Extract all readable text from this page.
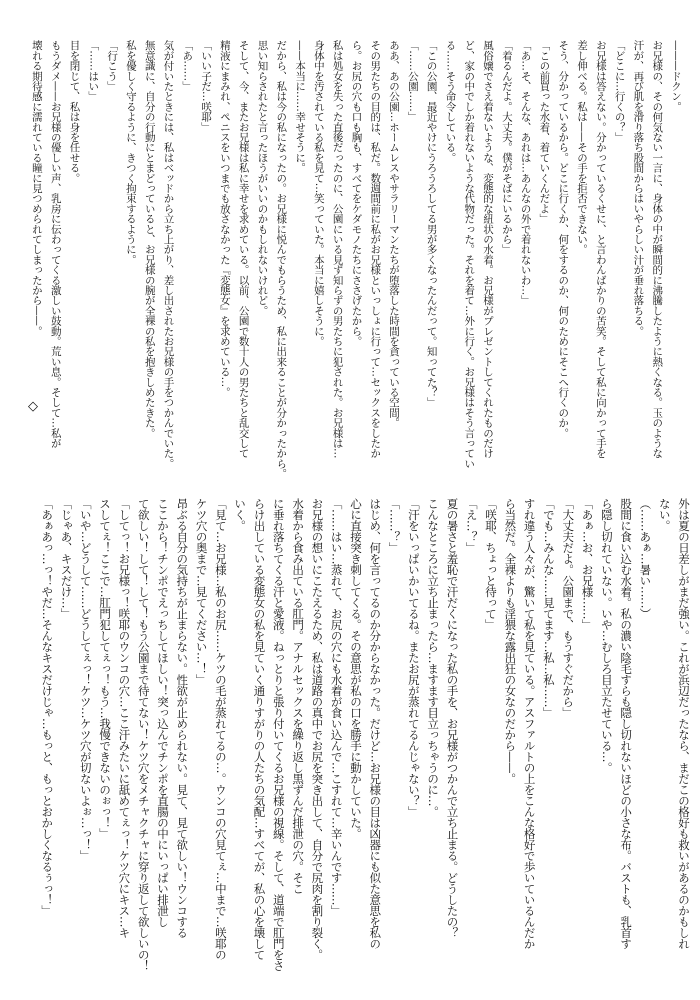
———ドクン。
お兄様の、その何気ない一言に、身体の中が瞬間的に沸騰したように熱くなる。玉のような
汗が、再び肌を滑り落ち股間からはいやらしい汁が垂れ落ちる。
「どこに…行くの？」
お兄様は答えない。分かっているくせに、と言わんばかりの苦笑。そして私に向かって手を
差し伸べる。私は——その手を拒否できない。
そう、分かっているから。どこに行くか、何をするのか、何のためにそこへ行くのか。
「この前買った水着、着ていくんだよ」
「あ…そ、そんな、あれは…あんなの外で着れないわ…」
「着るんだよ。大丈夫。僕がそばにいるから」
風俗嬢でさえ着ないような、変態的な紐状の水着。お兄様がプレゼントしてくれたものだけ
ど、家の中でしか着れないような代物だった。それを着て…外に行く。お兄様はそう言ってい
る……そう命令している。
「この公園、最近やけにうろうろしてる男が多くなったんだって。知ってた？」
「……公園……」
ああ、あの公園…ホームレスやサラリーマンたちが堕落した時間を貪っている空間。
その男たちの目的は、私だ。数週間前に私がお兄様といっしょに行って…セックスをしたか
ら。お尻の穴も口も胸も、すべてをケダモノたちにささげたから。
私は処女を失った直後だったのに、公園にいる見ず知らずの男たちに犯された。お兄様は…
身体中を汚されている私を見て…笑っていた。本当に嬉しそうに。
——本当に……幸せそうに。
だから、私は今の私になったの。お兄様に悦んでもらうため、私に出来ることが分かったから。
思い知らされたと言ったほうがいいのかもしれないけれど。
そして、今、またお兄様は私に幸せを求めている。以前、公園で数十人の男たちと乱交して
精液にまみれ、ペニスをいつまでも放さなかった『変態女』を求めている…。
「いい子だ…咲耶」
「あ……」
気が付いたときには、私はベッドから立ち上がり、差し出されたお兄様の手をつかんでいた。
無意識に、自分の行動にとまどっていると、お兄様の腕が全裸の私を抱きしめたきた。
私を優しく守るように、きつく拘束するように。
「行こう」
「……はい」
目を閉じて、私は身を任せる。
もうダメ——お兄様の優しい声、乳房に伝わってくる激しい鼓動。荒い息。そして…私が
壊れる期待感に濡れている瞳に見つめられてしまったから——。
◇
外は夏の日差しがまだ強い。これが浜辺だったなら、まだこの格好も救いがあるのかもしれ
ない。
（……あぁ…暑い……）
股間に食い込む水着。私の濃い陰毛すらも隠し切れないほどの小さな布。バストも、乳首す
ら隠し切れていない。いや…むしろ目立たせている…。
「あぁ…お、お兄様……」
「大丈夫だよ。公園まで、もうすぐだから」
「でも…みんな……見てます…私…私……」
すれ違う人々が、驚いて私を見ている。アスファルトの上をこんな格好で歩いているんだか
ら当然だ。全裸よりも淫猥な露出狂の女なのだから——。
「咲耶、ちょっと待って」
「え…？」
夏の暑さと羞恥で汗だくになった私の手を、お兄様がつかんで立ち止まる。どうしたの？
こんなところに立ち止まったら…ますます目立っちゃうのに…。
「汗をいっぱいかいてるね。またお尻が蒸れてるんじゃない？」
「……？」
はじめ、何を言ってるのか分からなかった。だけど…お兄様の目は凶器にも似た意思を私の
心に直接突き刺してくる。その意思が私の口を勝手に動かしていた。
「……はい…蒸れて、お尻の穴にも水着が食い込んで…こすれて…辛いんです……」
お兄様の想いにこたえるため、私は道路の真中でお尻を突き出して、自分で尻肉を割り裂く。
水着から食み出ている肛門。アナルセックスを繰り返し黒ずんだ排泄の穴。そこ
に垂れ落ちてくる汗と愛液。ねっとりと張り付いてくるお兄様の視線。そして、道端で肛門をさ
らけ出している変態女の私を見ていく通りすがりの人たちの気配…すべてが、私の心を壊して
いく。
「見て…お兄様…私のお尻……ケツの毛が蒸れてるの…。ウンコの穴見てぇ…中まで…咲耶の
ケツ穴の奥まで…見てください…！」
昂ぶる自分の気持ちが止まらない。性欲が止められない。見て、見て欲しい！ウンコする
ここから！チンポでえっちしてほしい！突っ込んでチンポを直腸の中にいっぱい排泄し
て欲しい！して！して！もう公園まで待てない！ケツ穴をメチャクチャに穿り返して欲しいの！
「してっ！お兄様っ！咲耶のウンコの穴…ここ汗みたいに舐めてぇっ！ケツ穴にキス…キ
スしてぇ！ここで…肛門犯してぇっ！もう…我慢できないのぉっ！」
「いや…どうして……どうしてぇっ！ケツ…ケツ穴が切ないよぉ…っ！」
「じゃあ、キスだけ…」
「あぁあっ…っ！やだ…そんなキスだけじゃ…もっと、もっとおかしくなるぅっ！」
